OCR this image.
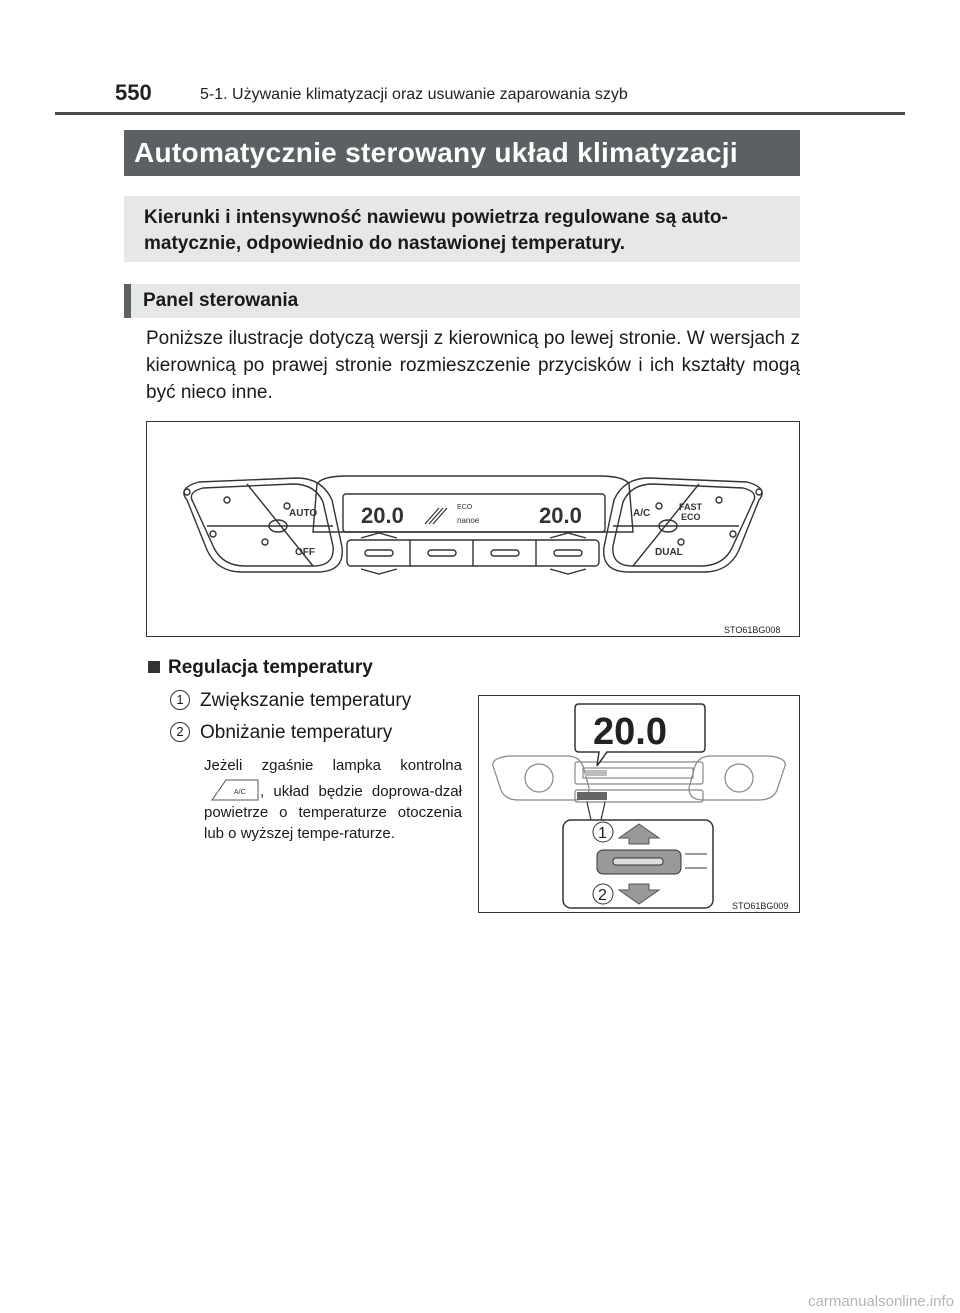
550	5-1. Używanie klimatyzacji oraz usuwanie zaparowania szyb
Automatycznie sterowany układ klimatyzacji
Kierunki i intensywność nawiewu powietrza regulowane są auto-
matycznie, odpowiednio do nastawionej temperatury.
Panel sterowania
Poniższe ilustracje dotyczą wersji z kierownicą po lewej stronie. W wersjach z kierownicą po prawej stronie rozmieszczenie przycisków i ich kształty mogą być nieco inne.
20.0	20.0
ECO
nanoe
AUTO
OFF
A/C
FAST
ECO
DUAL
STO61BG008
Regulacja temperatury
1 Zwiększanie temperatury
2 Obniżanie temperatury
Jeżeli zgaśnie lampka kontrolna
A/C , układ będzie doprowa-dzał powietrze o temperaturze otoczenia lub o wyższej tempe-raturze.
20.0
1
2
STO61BG009
carmanualsonline.info
